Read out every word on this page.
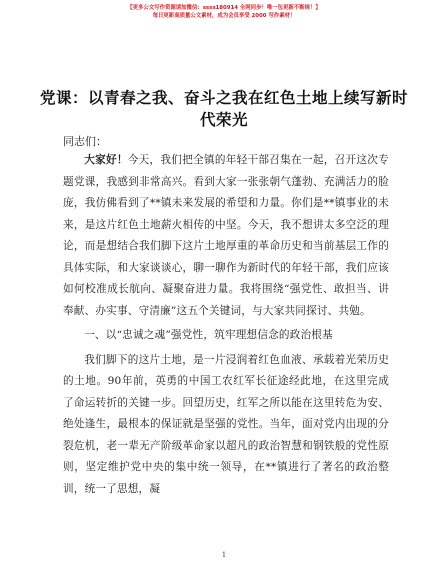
【更多公文写作资源请加微信：ssss180914 全网同步！唯一包更新不断续！】
每日更新高质量公文素材，成为会员享受 2000 写作素材！
党课：以青春之我、奋斗之我在红色土地上续写新时代荣光
同志们：

大家好！今天，我们把全镇的年轻干部召集在一起，召开这次专题党课，我感到非常高兴。看到大家一张张朝气蓬勃、充满活力的脸庞，我仿佛看到了**镇未来发展的希望和力量。你们是**镇事业的未来，是这片红色土地薪火相传的中坚。今天，我不想讲太多空泛的理论，而是想结合我们脚下这片土地厚重的革命历史和当前基层工作的具体实际，和大家谈谈心，聊一聊作为新时代的年轻干部，我们应该如何校准成长航向、凝聚奋进力量。我将围绕“强党性、敢担当、讲奉献、办实事、守清廉”这五个关键词，与大家共同探讨、共勉。

一、以“忠诚之魂”强党性，筑牢理想信念的政治根基

我们脚下的这片土地，是一片浸润着红色血液、承载着光荣历史的土地。90年前，英勇的中国工农红军长征途经此地，在这里完成了命运转折的关键一步。回望历史，红军之所以能在这里转危为安、绝处逢生，最根本的保证就是坚强的党性。当年，面对党内出现的分裂危机，老一辈无产阶级革命家以超凡的政治智慧和钢铁般的党性原则，坚定维护党中央的集中统一领导，在**镇进行了著名的政治整训，统一了思想，凝

1
